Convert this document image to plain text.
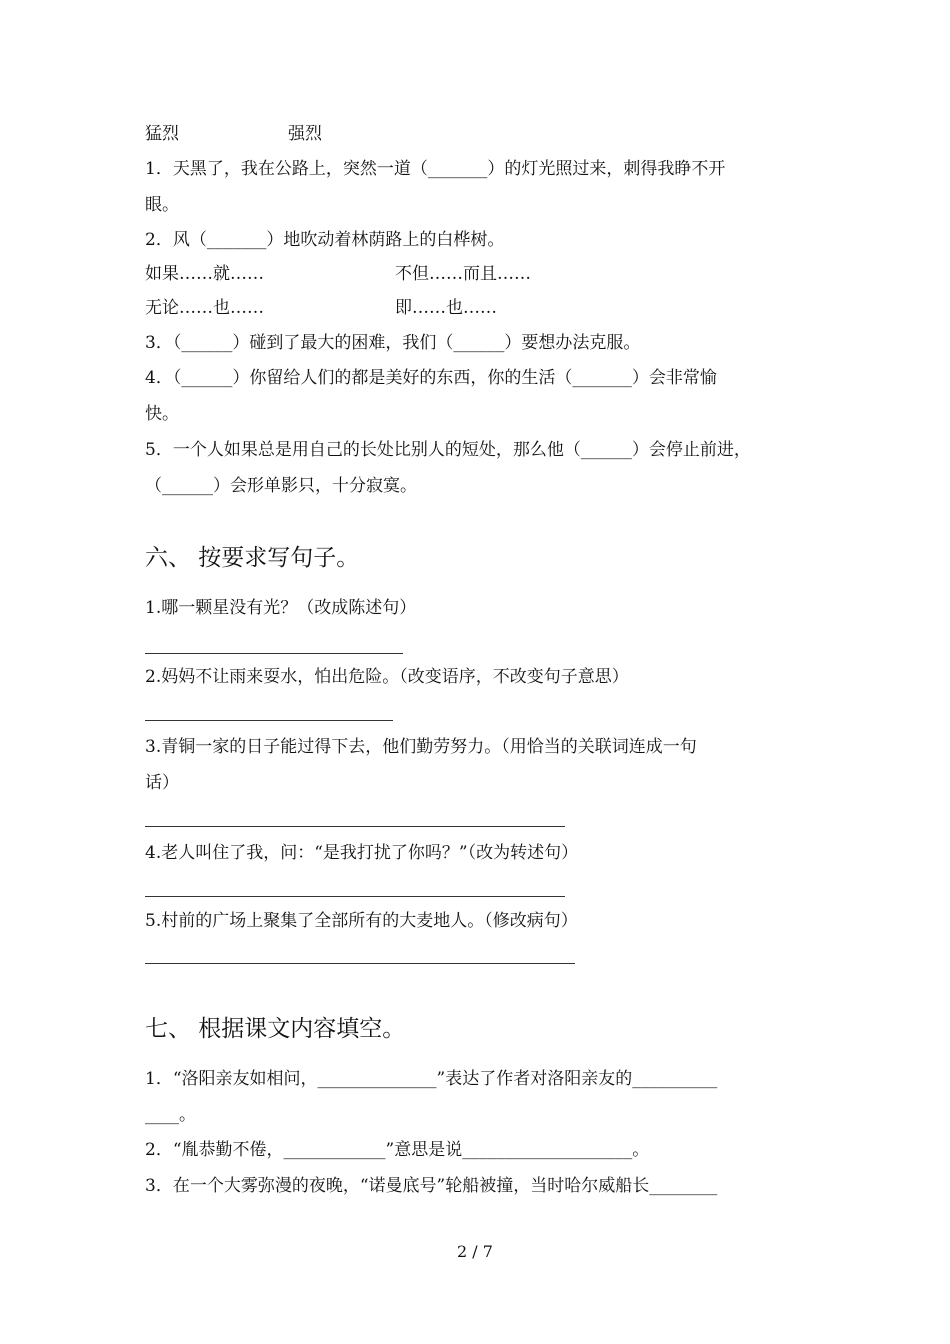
猛烈	强烈
1．天黑了，我在公路上，突然一道（_______）的灯光照过来，刺得我睁不开
眼。
2．风（_______）地吹动着林荫路上的白桦树。
如果……就……	不但……而且……
无论……也……	即……也……
3．（______）碰到了最大的困难，我们（______）要想办法克服。
4．（______）你留给人们的都是美好的东西，你的生活（_______）会非常愉
快。
5．一个人如果总是用自己的长处比别人的短处，那么他（______）会停止前进，
（______）会形单影只，十分寂寞。
六、 按要求写句子。
1.哪一颗星没有光？（改成陈述句）
2.妈妈不让雨来耍水，怕出危险。（改变语序，不改变句子意思）
3.青铜一家的日子能过得下去，他们勤劳努力。（用恰当的关联词连成一句
话）
4.老人叫住了我，问：“是我打扰了你吗？”（改为转述句）
5.村前的广场上聚集了全部所有的大麦地人。（修改病句）
七、 根据课文内容填空。
1．“洛阳亲友如相问，______________”表达了作者对洛阳亲友的__________
____。
2．“胤恭勤不倦，____________”意思是说____________________。
3．在一个大雾弥漫的夜晚，“诺曼底号”轮船被撞，当时哈尔威船长________
2 / 7
